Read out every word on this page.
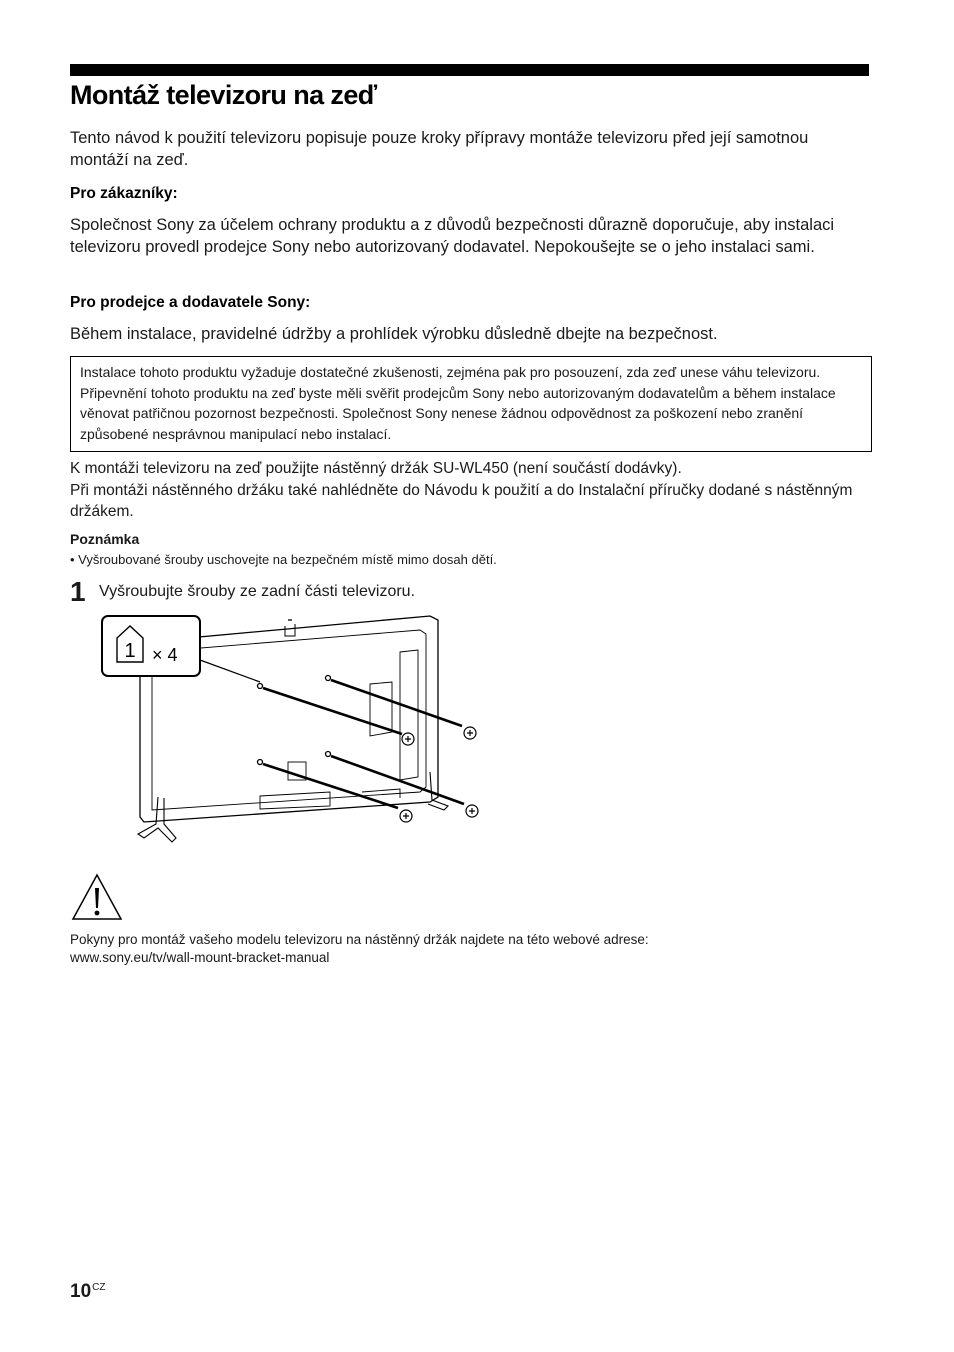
Montáž televizoru na zeď

Tento návod k použití televizoru popisuje pouze kroky přípravy montáže televizoru před její samotnou montáží na zeď.

Pro zákazníky:

Společnost Sony za účelem ochrany produktu a z důvodů bezpečnosti důrazně doporučuje, aby instalaci televizoru provedl prodejce Sony nebo autorizovaný dodavatel. Nepokoušejte se o jeho instalaci sami.

Pro prodejce a dodavatele Sony:

Během instalace, pravidelné údržby a prohlídek výrobku důsledně dbejte na bezpečnost.

Instalace tohoto produktu vyžaduje dostatečné zkušenosti, zejména pak pro posouzení, zda zeď unese váhu televizoru. Připevnění tohoto produktu na zeď byste měli svěřit prodejcům Sony nebo autorizovaným dodavatelům a během instalace věnovat patřičnou pozornost bezpečnosti. Společnost Sony nenese žádnou odpovědnost za poškození nebo zranění způsobené nesprávnou manipulací nebo instalací.

K montáži televizoru na zeď použijte nástěnný držák SU-WL450 (není součástí dodávky).

Při montáži nástěnného držáku také nahlédněte do Návodu k použití a do Instalační příručky dodané s nástěnným držákem.

Poznámka

• Vyšroubované šrouby uschovejte na bezpečném místě mimo dosah dětí.

1 Vyšroubujte šrouby ze zadní části televizoru.
1 × 4

Pokyny pro montáž vašeho modelu televizoru na nástěnný držák najdete na této webové adrese:

www.sony.eu/tv/wall-mount-bracket-manual

$10^{CZ}$
